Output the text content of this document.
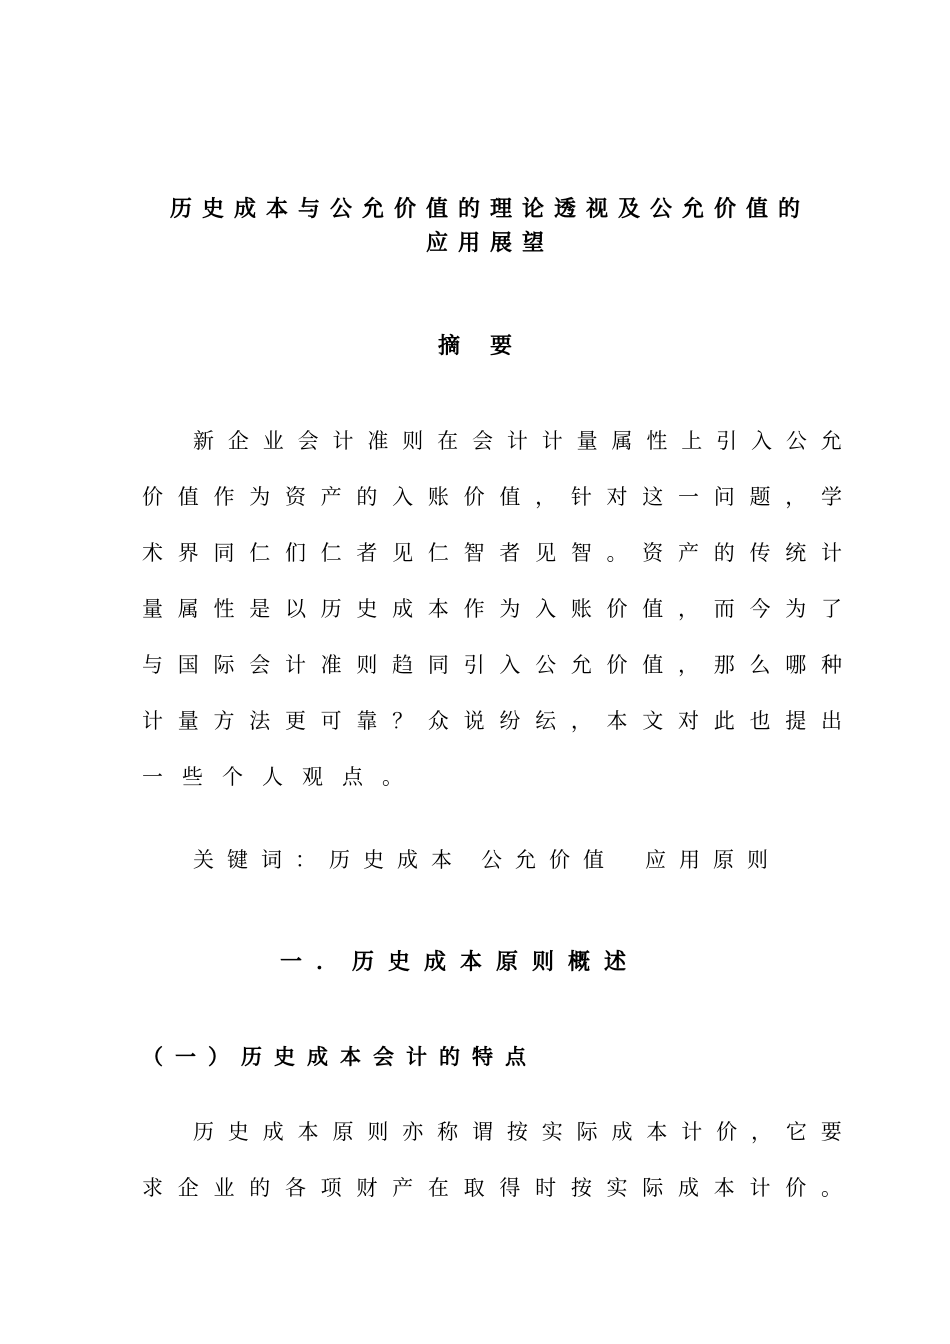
历史成本与公允价值的理论透视及公允价值的
应用展望
摘要
新 企 业 会 计 准 则 在 会 计 计 量 属 性 上 引 入 公 允
价 值 作 为 资 产 的 入 账 价 值 ， 针 对 这 一 问 题 ， 学
术 界 同 仁 们 仁 者 见 仁 智 者 见 智 。 资 产 的 传 统 计
量 属 性 是 以 历 史 成 本 作 为 入 账 价 值 ， 而 今 为 了
与 国 际 会 计 准 则 趋 同 引 入 公 允 价 值 ， 那 么 哪 种
计 量 方 法 更 可 靠 ？ 众 说 纷 纭 ， 本 文 对 此 也 提 出
一 些 个 人 观 点 。
关键词：历史成本 公允价值 应用原则
一．历史成本原则概述
（一）历史成本会计的特点
历 史 成 本 原 则 亦 称 谓 按 实 际 成 本 计 价 ， 它 要
求 企 业 的 各 项 财 产 在 取 得 时 按 实 际 成 本 计 价 。
